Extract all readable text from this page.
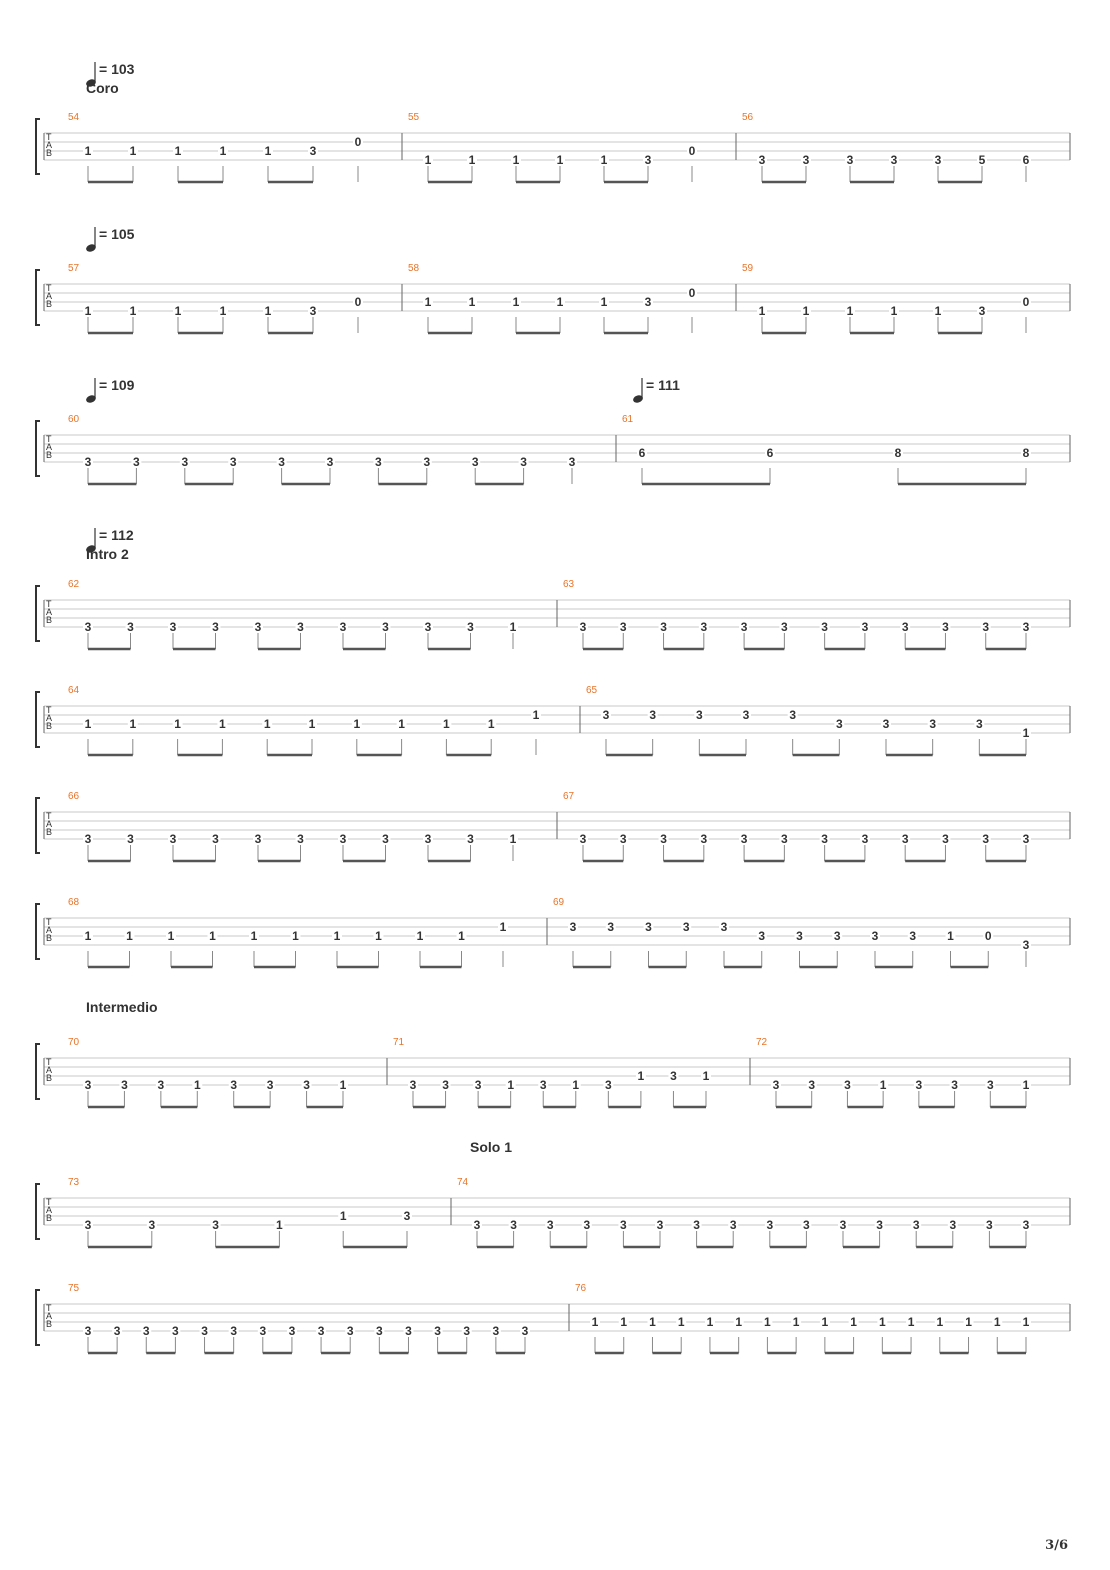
T
A
B
= 103
Coro
54
1	1	1	1	1	3
0
55
1	1	1	1	1	3
0
56
3	3	3	3	3	5	6
T
A
B
= 105
57
1	1	1	1	1	3
0
58
1	1	1	1	1	3
0
59
1	1	1	1	1	3
0
T
A
B
= 109	= 111
60
3	3	3	3	3	3	3	3	3	3	3
61
6	6	8	8
T
A
B
= 112
Intro 2
62
3	3	3	3	3	3	3	3	3	3	1
63
3	3	3	3	3	3	3	3	3	3	3	3
T
A
B
64
1	1	1	1	1	1	1	1	1	1
1
65
3	3	3	3	3
3	3	3	3
1
T
A
B
66
3	3	3	3	3	3	3	3	3	3	1
67
3	3	3	3	3	3	3	3	3	3	3	3
T
A
B
68
1	1	1	1	1	1	1	1	1	1
1
69
3	3	3	3	3
3	3	3	3	3	1	0
3
T
A
B
Intermedio
70
3 3 3 1 3 3 3 1
71
3 3 3 1 3 1 3
1 3 1
72
3 3 3 1 3 3 3 1
T
A
B
Solo 1
73
3	3	3	1
1	3
74
3 3 3 3 3 3 3 3 3 3 3 3 3 3 3 3
T
A
B
75
3 3 3 3 3 3 3 3 3 3 3 3 3 3 3 3
76
1 1 1 1 1 1 1 1 1 1 1 1 1 1 1 1
3/6
